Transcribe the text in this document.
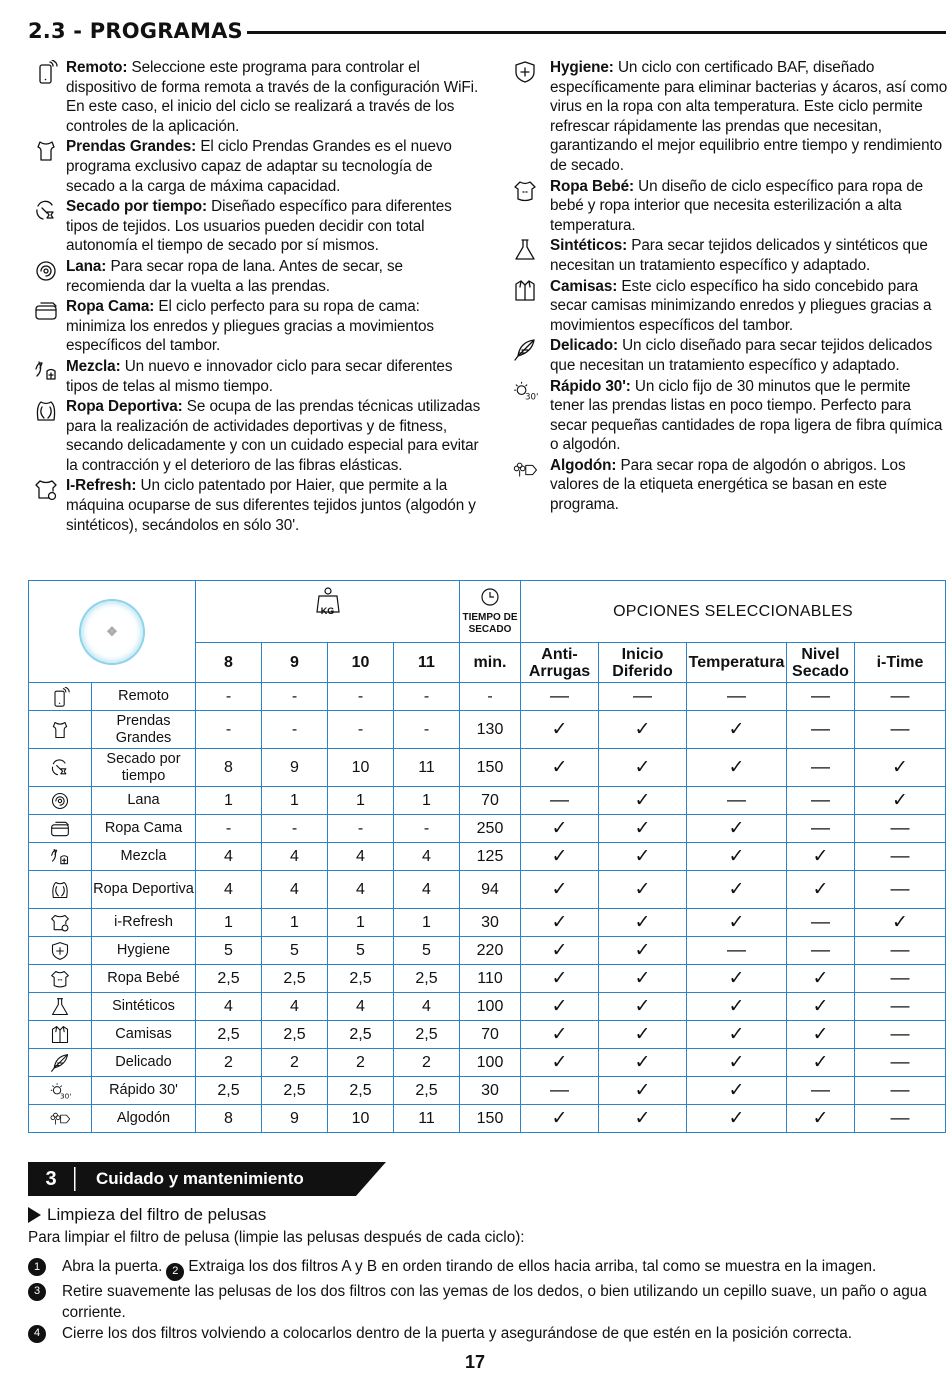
2.3 - PROGRAMAS
Remoto: Seleccione este programa para controlar el dispositivo de forma remota a través de la configuración WiFi. En este caso, el inicio del ciclo se realizará a través de los controles de la aplicación.
Prendas Grandes: El ciclo Prendas Grandes es el nuevo programa exclusivo capaz de adaptar su tecnología de secado a la carga de máxima capacidad.
Secado por tiempo: Diseñado específico para diferentes tipos de tejidos. Los usuarios pueden decidir con total autonomía el tiempo de secado por sí mismos.
Lana: Para secar ropa de lana. Antes de secar, se recomienda dar la vuelta a las prendas.
Ropa Cama: El ciclo perfecto para su ropa de cama: minimiza los enredos y pliegues gracias a movimientos específicos del tambor.
Mezcla: Un nuevo e innovador ciclo para secar diferentes tipos de telas al mismo tiempo.
Ropa Deportiva: Se ocupa de las prendas técnicas utilizadas para la realización de actividades deportivas y de fitness, secando delicadamente y con un cuidado especial para evitar la contracción y el deterioro de las fibras elásticas.
I-Refresh: Un ciclo patentado por Haier, que permite a la máquina ocuparse de sus diferentes tejidos juntos (algodón y sintéticos), secándolos en sólo 30'.
Hygiene: Un ciclo con certificado BAF, diseñado específicamente para eliminar bacterias y ácaros, así como virus en la ropa con alta temperatura. Este ciclo permite refrescar rápidamente las prendas que necesitan, garantizando el mejor equilibrio entre tiempo y rendimiento de secado.
Ropa Bebé: Un diseño de ciclo específico para ropa de bebé y ropa interior que necesita esterilización a alta temperatura.
Sintéticos: Para secar tejidos delicados y sintéticos que necesitan un tratamiento específico y adaptado.
Camisas: Este ciclo específico ha sido concebido para secar camisas minimizando enredos y pliegues gracias a movimientos específicos del tambor.
Delicado: Un ciclo diseñado para secar tejidos delicados que necesitan un tratamiento específico y adaptado.
30'
Rápido 30': Un ciclo fijo de 30 minutos que le permite tener las prendas listas en poco tiempo. Perfecto para secar pequeñas cantidades de ropa ligera de fibra química o algodón.
Algodón: Para secar ropa de algodón o abrigos. Los valores de la etiqueta energética se basan en este programa.
❖		$^{KG}$				TIEMPO DE SECADO	OPCIONES SELECCIONABLES				
		8	9	10	11	min.	Anti-Arrugas	Inicio Diferido	Temperatura	Nivel Secado	i-Time
	Remoto	-	-	-	-	-	—	—	—	—	—
	Prendas Grandes	-	-	-	-	130	✓	✓	✓	—	—
	Secado por tiempo	8	9	10	11	150	✓	✓	✓	—	✓
	Lana	1	1	1	1	70	—	✓	—	—	✓
	Ropa Cama	-	-	-	-	250	✓	✓	✓	—	—
	Mezcla	4	4	4	4	125	✓	✓	✓	✓	—
	Ropa Deportiva	4	4	4	4	94	✓	✓	✓	✓	—
	i-Refresh	1	1	1	1	30	✓	✓	✓	—	✓
	Hygiene	5	5	5	5	220	✓	✓	—	—	—
	Ropa Bebé	2,5	2,5	2,5	2,5	110	✓	✓	✓	✓	—
	Sintéticos	4	4	4	4	100	✓	✓	✓	✓	—
	Camisas	2,5	2,5	2,5	2,5	70	✓	✓	✓	✓	—
	Delicado	2	2	2	2	100	✓	✓	✓	✓	—

30'	Rápido 30'	2,5	2,5	2,5	2,5	30	—	✓	✓	—	—
	Algodón	8	9	10	11	150	✓	✓	✓	✓	—
3	Cuidado y mantenimiento
Limpieza del filtro de pelusas
Para limpiar el filtro de pelusa (limpie las pelusas después de cada ciclo):
1	Abra la puerta. 2 Extraiga los dos filtros A y B en orden tirando de ellos hacia arriba, tal como se muestra en la imagen.
3	Retire suavemente las pelusas de los dos filtros con las yemas de los dedos, o bien utilizando un cepillo suave, un paño o agua corriente.
4	Cierre los dos filtros volviendo a colocarlos dentro de la puerta y asegurándose de que estén en la posición correcta.
17
